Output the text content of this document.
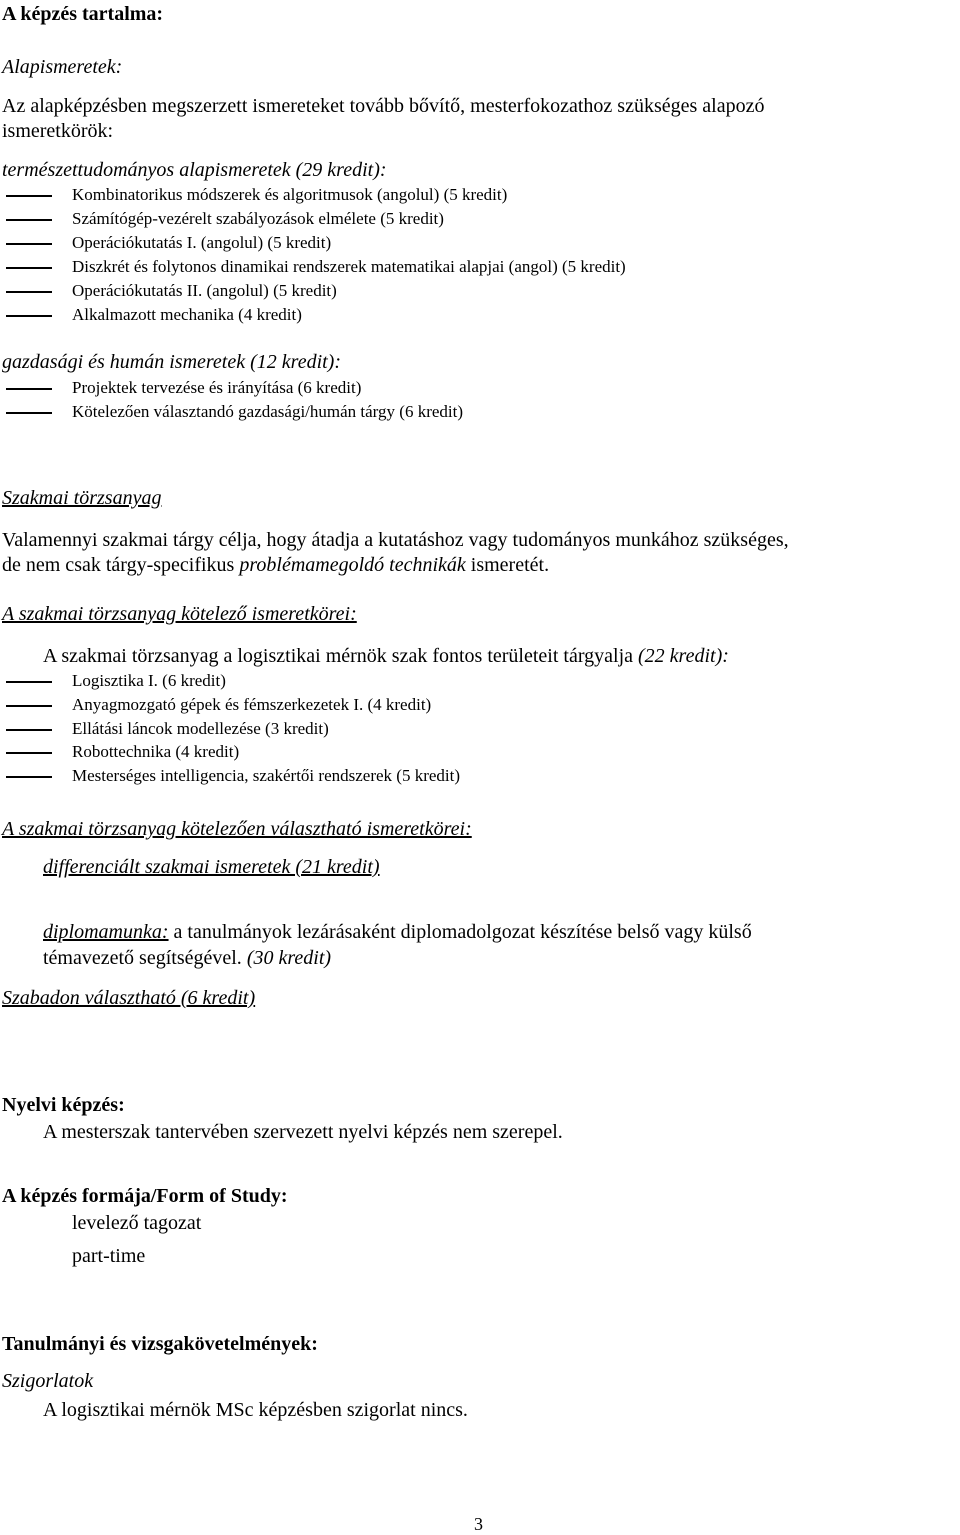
A képzés tartalma:
Alapismeretek:
Az alapképzésben megszerzett ismereteket tovább bővítő, mesterfokozathoz szükséges alapozó
ismeretkörök:
természettudományos alapismeretek (29 kredit):
Kombinatorikus módszerek és algoritmusok (angolul) (5 kredit)
Számítógép-vezérelt szabályozások elmélete (5 kredit)
Operációkutatás I. (angolul) (5 kredit)
Diszkrét és folytonos dinamikai rendszerek matematikai alapjai (angol) (5 kredit)
Operációkutatás II. (angolul) (5 kredit)
Alkalmazott mechanika (4 kredit)
gazdasági és humán ismeretek (12 kredit):
Projektek tervezése és irányítása (6 kredit)
Kötelezően választandó gazdasági/humán tárgy (6 kredit)
Szakmai törzsanyag
Valamennyi szakmai tárgy célja, hogy átadja a kutatáshoz vagy tudományos munkához szükséges,
de nem csak tárgy-specifikus problémamegoldó technikák ismeretét.
A szakmai törzsanyag kötelező ismeretkörei:
A szakmai törzsanyag a logisztikai mérnök szak fontos területeit tárgyalja (22 kredit):
Logisztika I. (6 kredit)
Anyagmozgató gépek és fémszerkezetek I. (4 kredit)
Ellátási láncok modellezése (3 kredit)
Robottechnika (4 kredit)
Mesterséges intelligencia, szakértői rendszerek (5 kredit)
A szakmai törzsanyag kötelezően választható ismeretkörei:
differenciált szakmai ismeretek (21 kredit)
diplomamunka: a tanulmányok lezárásaként diplomadolgozat készítése belső vagy külső
témavezető segítségével. (30 kredit)
Szabadon választható (6 kredit)
Nyelvi képzés:
A mesterszak tantervében szervezett nyelvi képzés nem szerepel.
A képzés formája/Form of Study:
levelező tagozat
part-time
Tanulmányi és vizsgakövetelmények:
Szigorlatok
A logisztikai mérnök MSc képzésben szigorlat nincs.
3
